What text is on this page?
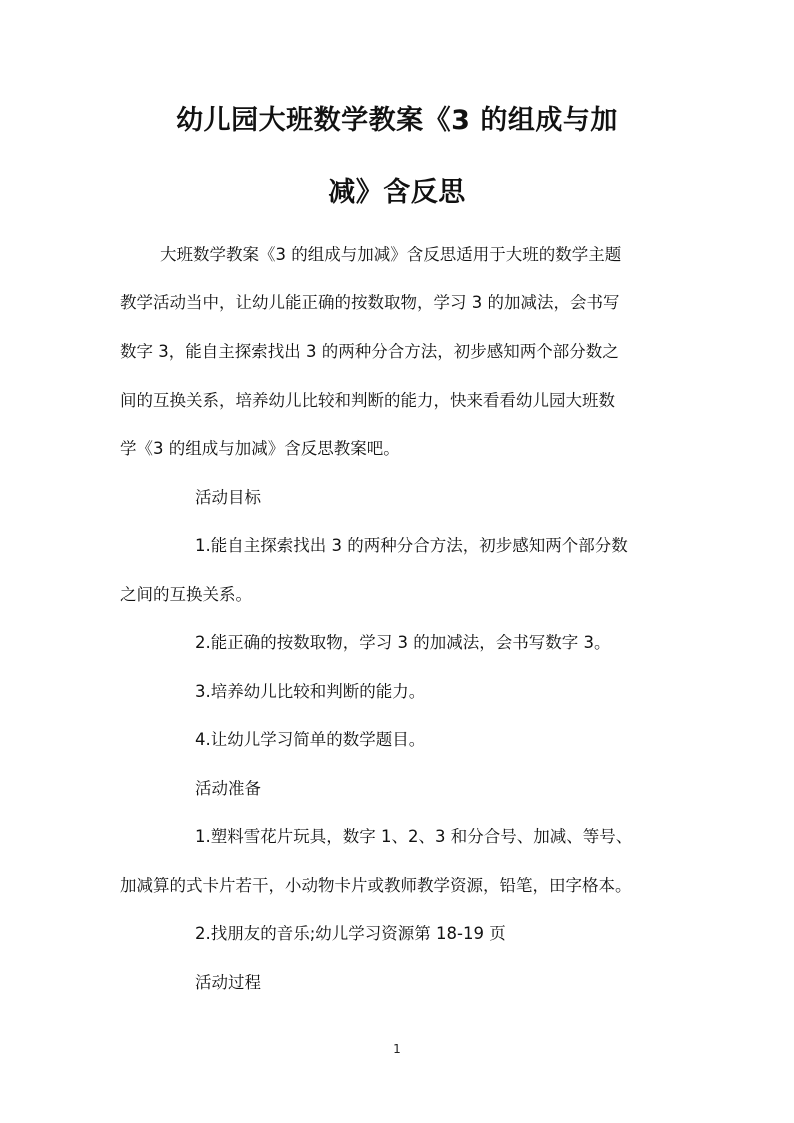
幼儿园大班数学教案《3 的组成与加
减》含反思
大班数学教案《3 的组成与加减》含反思适用于大班的数学主题
教学活动当中，让幼儿能正确的按数取物，学习 3 的加减法，会书写
数字 3，能自主探索找出 3 的两种分合方法，初步感知两个部分数之
间的互换关系，培养幼儿比较和判断的能力，快来看看幼儿园大班数
学《3 的组成与加减》含反思教案吧。
活动目标
1.能自主探索找出 3 的两种分合方法，初步感知两个部分数
之间的互换关系。
2.能正确的按数取物，学习 3 的加减法，会书写数字 3。
3.培养幼儿比较和判断的能力。
4.让幼儿学习简单的数学题目。
活动准备
1.塑料雪花片玩具，数字 1、2、3 和分合号、加减、等号、
加减算的式卡片若干，小动物卡片或教师教学资源，铅笔，田字格本。
2.找朋友的音乐;幼儿学习资源第 18-19 页
活动过程
1
